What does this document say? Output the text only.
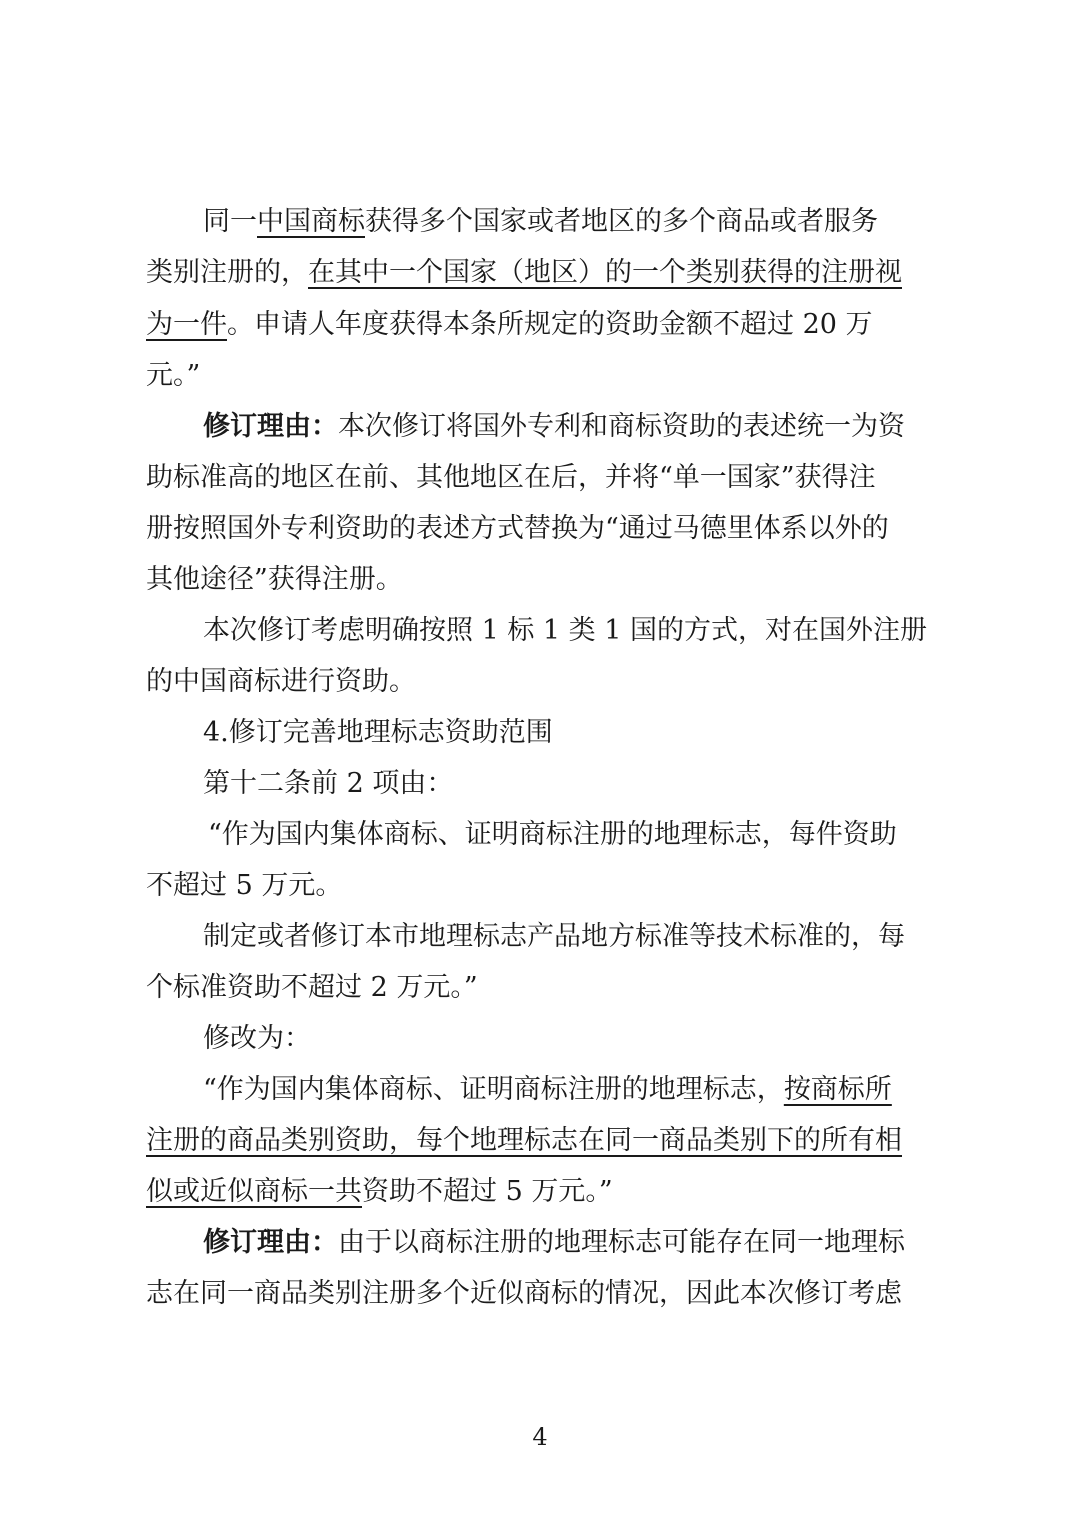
同一中国商标获得多个国家或者地区的多个商品或者服务
类别注册的，在其中一个国家（地区）的一个类别获得的注册视
为一件。申请人年度获得本条所规定的资助金额不超过 20 万
元。”
修订理由：本次修订将国外专利和商标资助的表述统一为资
助标准高的地区在前、其他地区在后，并将“单一国家”获得注
册按照国外专利资助的表述方式替换为“通过马德里体系以外的
其他途径”获得注册。
本次修订考虑明确按照 1 标 1 类 1 国的方式，对在国外注册
的中国商标进行资助。
4.修订完善地理标志资助范围
第十二条前 2 项由：
“作为国内集体商标、证明商标注册的地理标志，每件资助
不超过 5 万元。
制定或者修订本市地理标志产品地方标准等技术标准的，每
个标准资助不超过 2 万元。”
修改为：
“作为国内集体商标、证明商标注册的地理标志，按商标所
注册的商品类别资助，每个地理标志在同一商品类别下的所有相
似或近似商标一共资助不超过 5 万元。”
修订理由：由于以商标注册的地理标志可能存在同一地理标
志在同一商品类别注册多个近似商标的情况，因此本次修订考虑
4
